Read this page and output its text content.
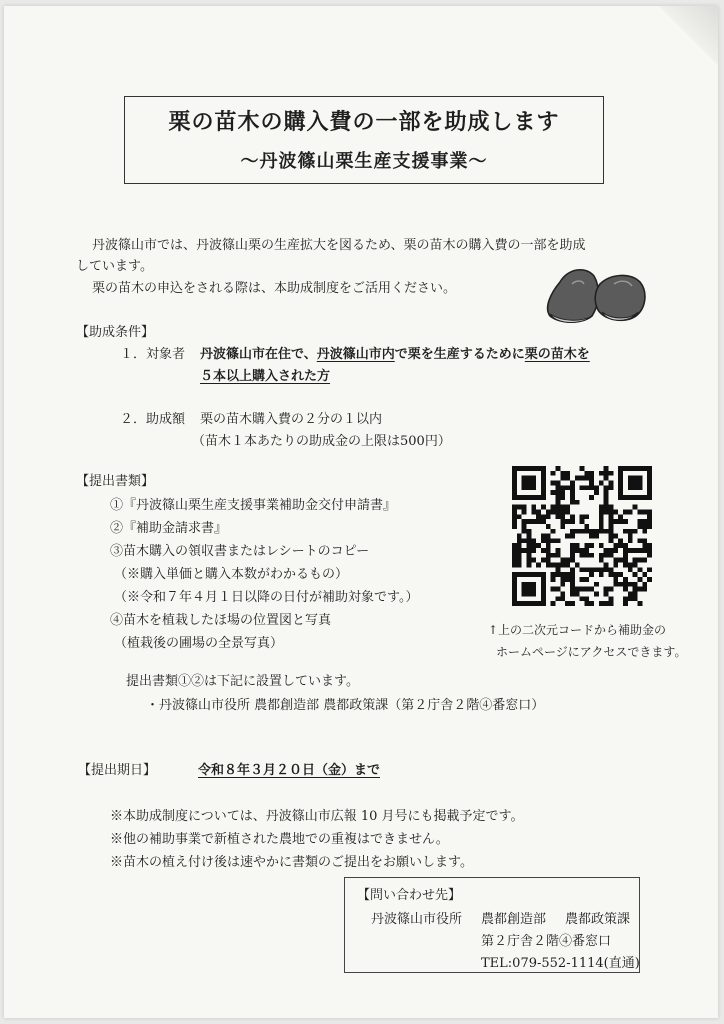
栗の苗木の購入費の一部を助成します
～丹波篠山栗生産支援事業～
丹波篠山市では、丹波篠山栗の生産拡大を図るため、栗の苗木の購入費の一部を助成
しています。
栗の苗木の申込をされる際は、本助成制度をご活用ください。
【助成条件】
１．対象者 丹波篠山市在住で、丹波篠山市内で栗を生産するために栗の苗木を
５本以上購入された方
２．助成額 栗の苗木購入費の２分の１以内
（苗木１本あたりの助成金の上限は500円）
【提出書類】
①『丹波篠山栗生産支援事業補助金交付申請書』
②『補助金請求書』
③苗木購入の領収書またはレシートのコピー
（※購入単価と購入本数がわかるもの）
（※令和７年４月１日以降の日付が補助対象です。）
④苗木を植栽したほ場の位置図と写真
（植栽後の圃場の全景写真）
↑上の二次元コードから補助金の
ホームページにアクセスできます。
提出書類①②は下記に設置しています。
・丹波篠山市役所 農都創造部 農都政策課（第２庁舎２階④番窓口）
【提出期日】	令和８年３月２０日（金）まで
※本助成制度については、丹波篠山市広報 10 月号にも掲載予定です。
※他の補助事業で新植された農地での重複はできません。
※苗木の植え付け後は速やかに書類のご提出をお願いします。
【問い合わせ先】
丹波篠山市役所 農都創造部 農都政策課
第２庁舎２階④番窓口
TEL:079-552-1114(直通)
